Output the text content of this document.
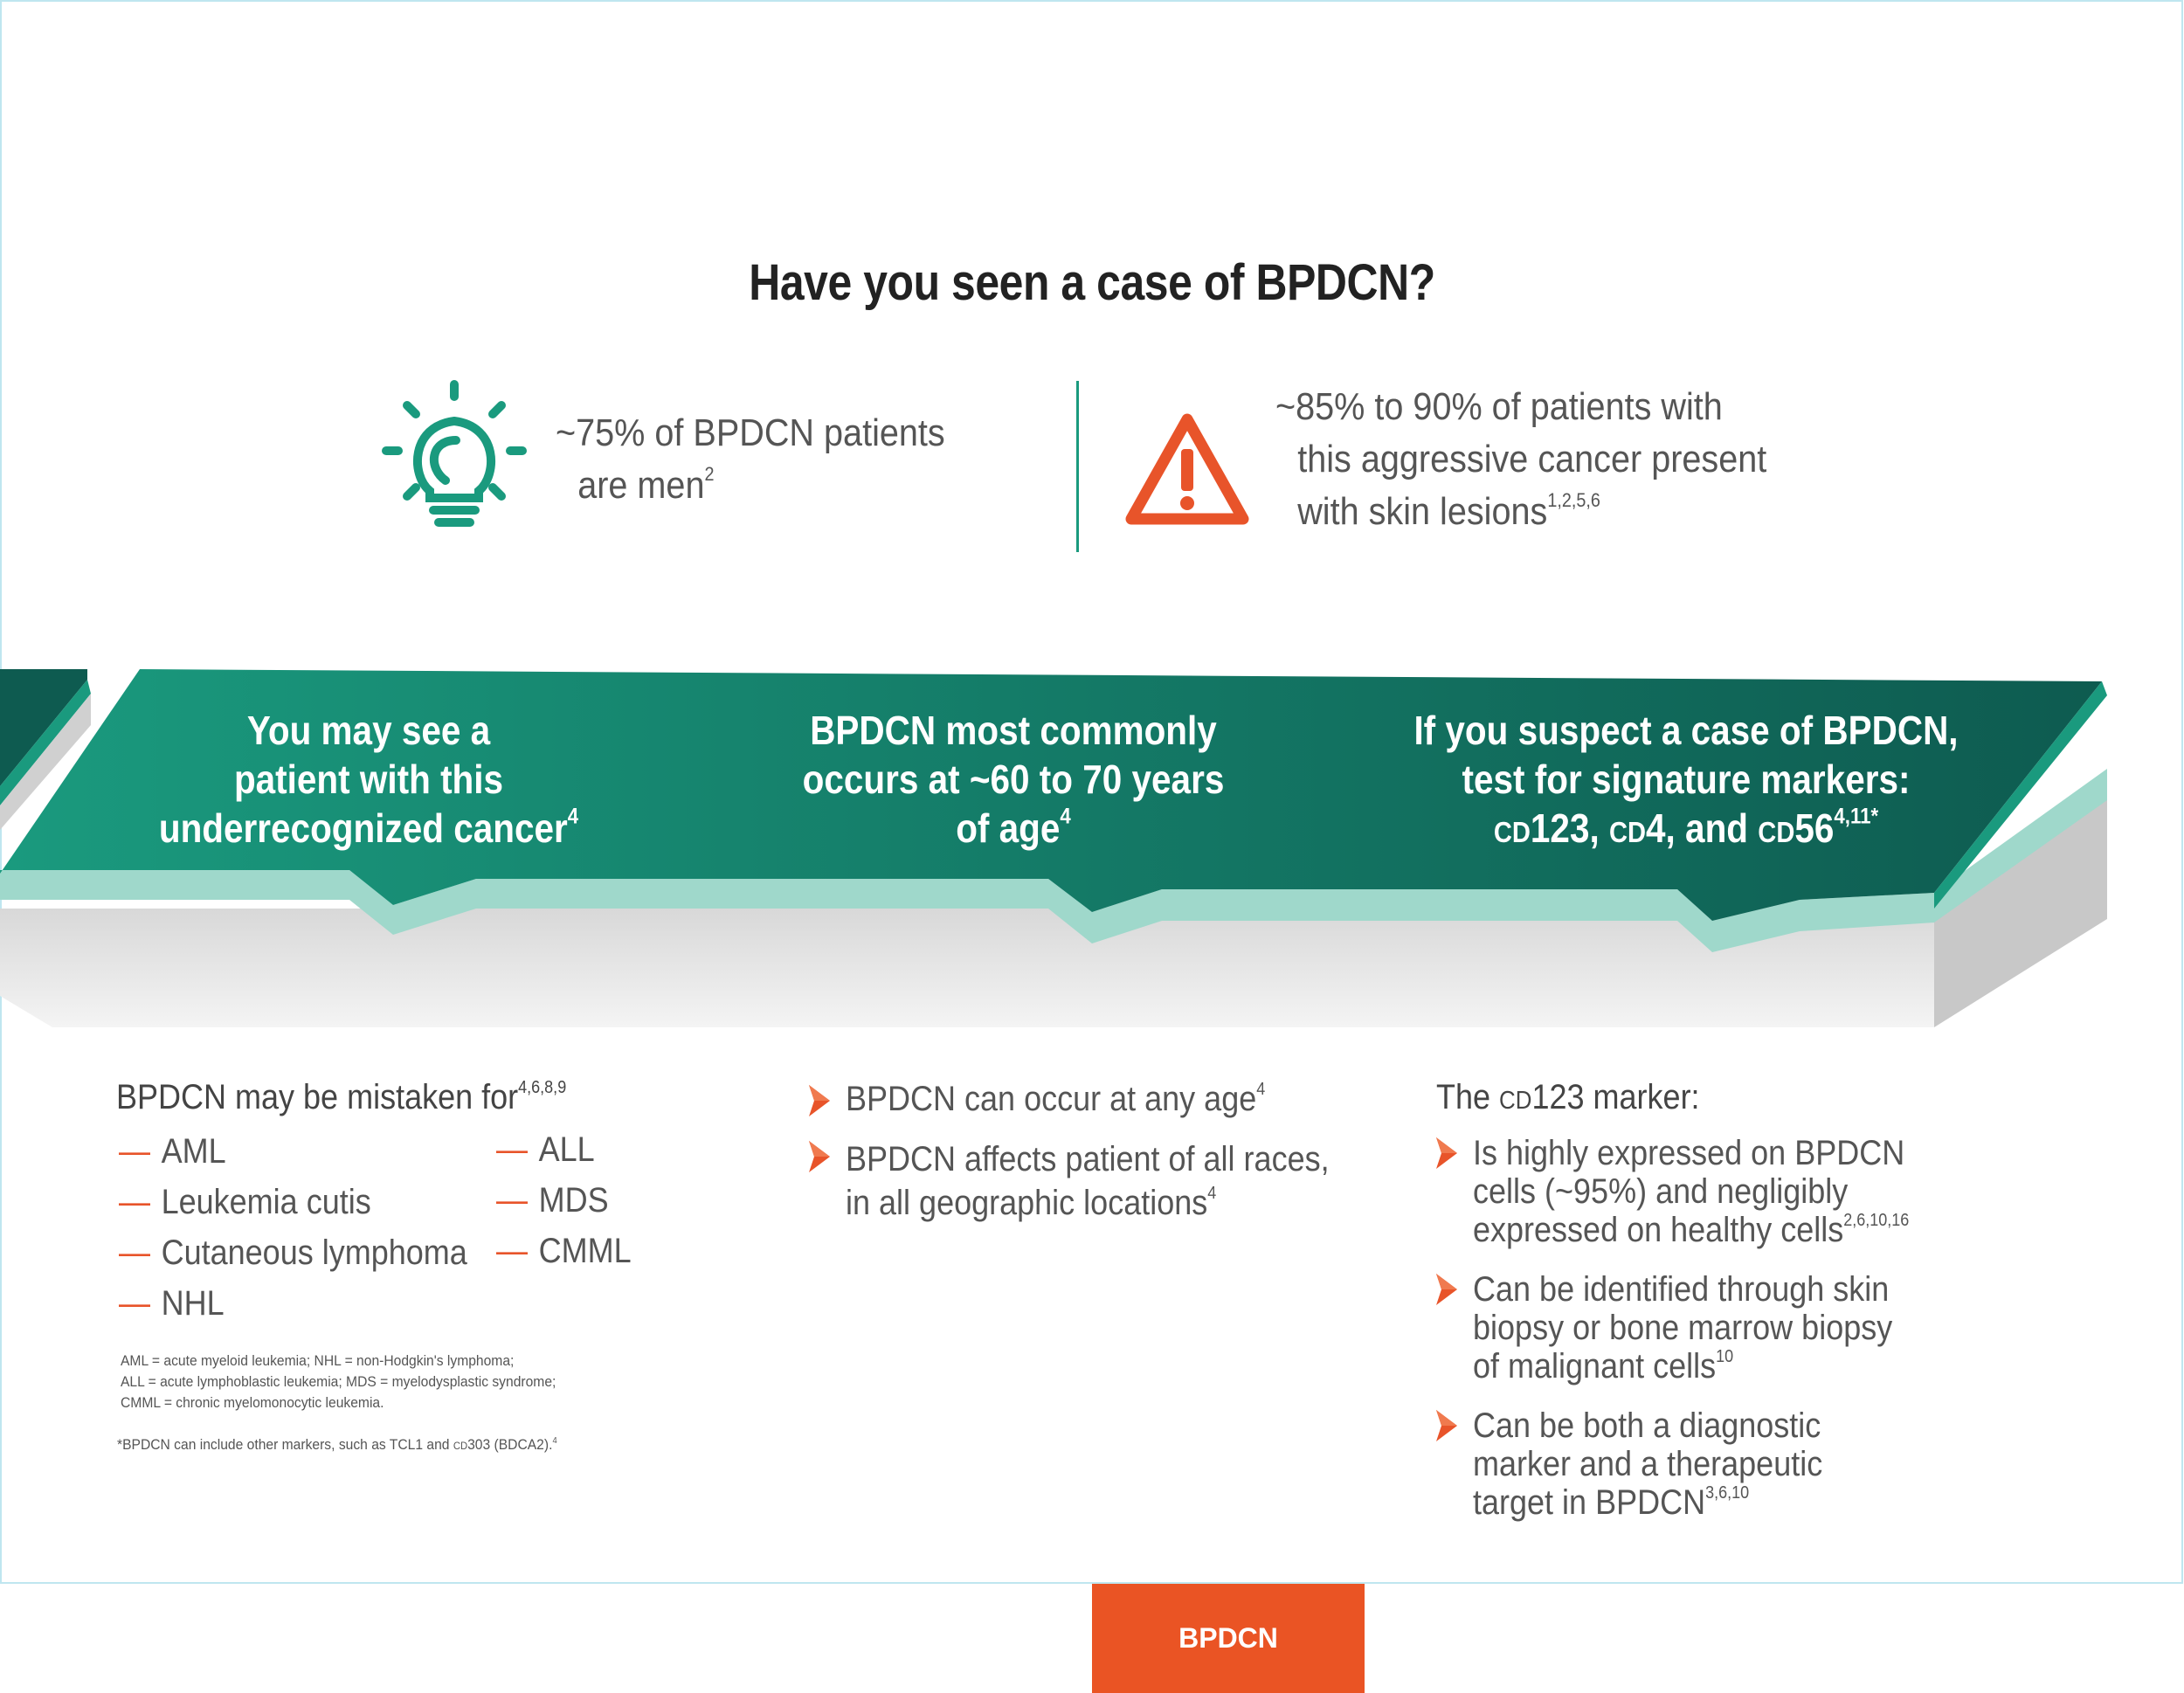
Have you seen a case of BPDCN?
~75% of BPDCN patients
are men$^2$
~85% to 90% of patients with
this aggressive cancer present
with skin lesions$^{1,2,5,6}$
You may see a
patient with this
underrecognized cancer$^4$
BPDCN most commonly
occurs at ~60 to 70 years
of age$^4$
If you suspect a case of BPDCN,
test for signature markers:
CD123, CD4, and $CD56^{4,11*}$
BPDCN may be mistaken for$^{4,6,8,9}$
— AML
— Leukemia cutis
— Cutaneous lymphoma
— NHL
— ALL
— MDS
— CMML
AML = acute myeloid leukemia; NHL = non-Hodgkin's lymphoma;
ALL = acute lymphoblastic leukemia; MDS = myelodysplastic syndrome;
CMML = chronic myelomonocytic leukemia.
*BPDCN can include other markers, such as TCL1 and CD303 (BDCA2).$^4$
BPDCN can occur at any age$^4$
BPDCN affects patient of all races,
in all geographic locations$^4$
The CD123 marker:
Is highly expressed on BPDCN
cells (~95%) and negligibly
expressed on healthy cells$^{2,6,10,16}$
Can be identified through skin
biopsy or bone marrow biopsy
of malignant cells$^{10}$
Can be both a diagnostic
marker and a therapeutic
target in BPDCN$^{3,6,10}$
BPDCN
